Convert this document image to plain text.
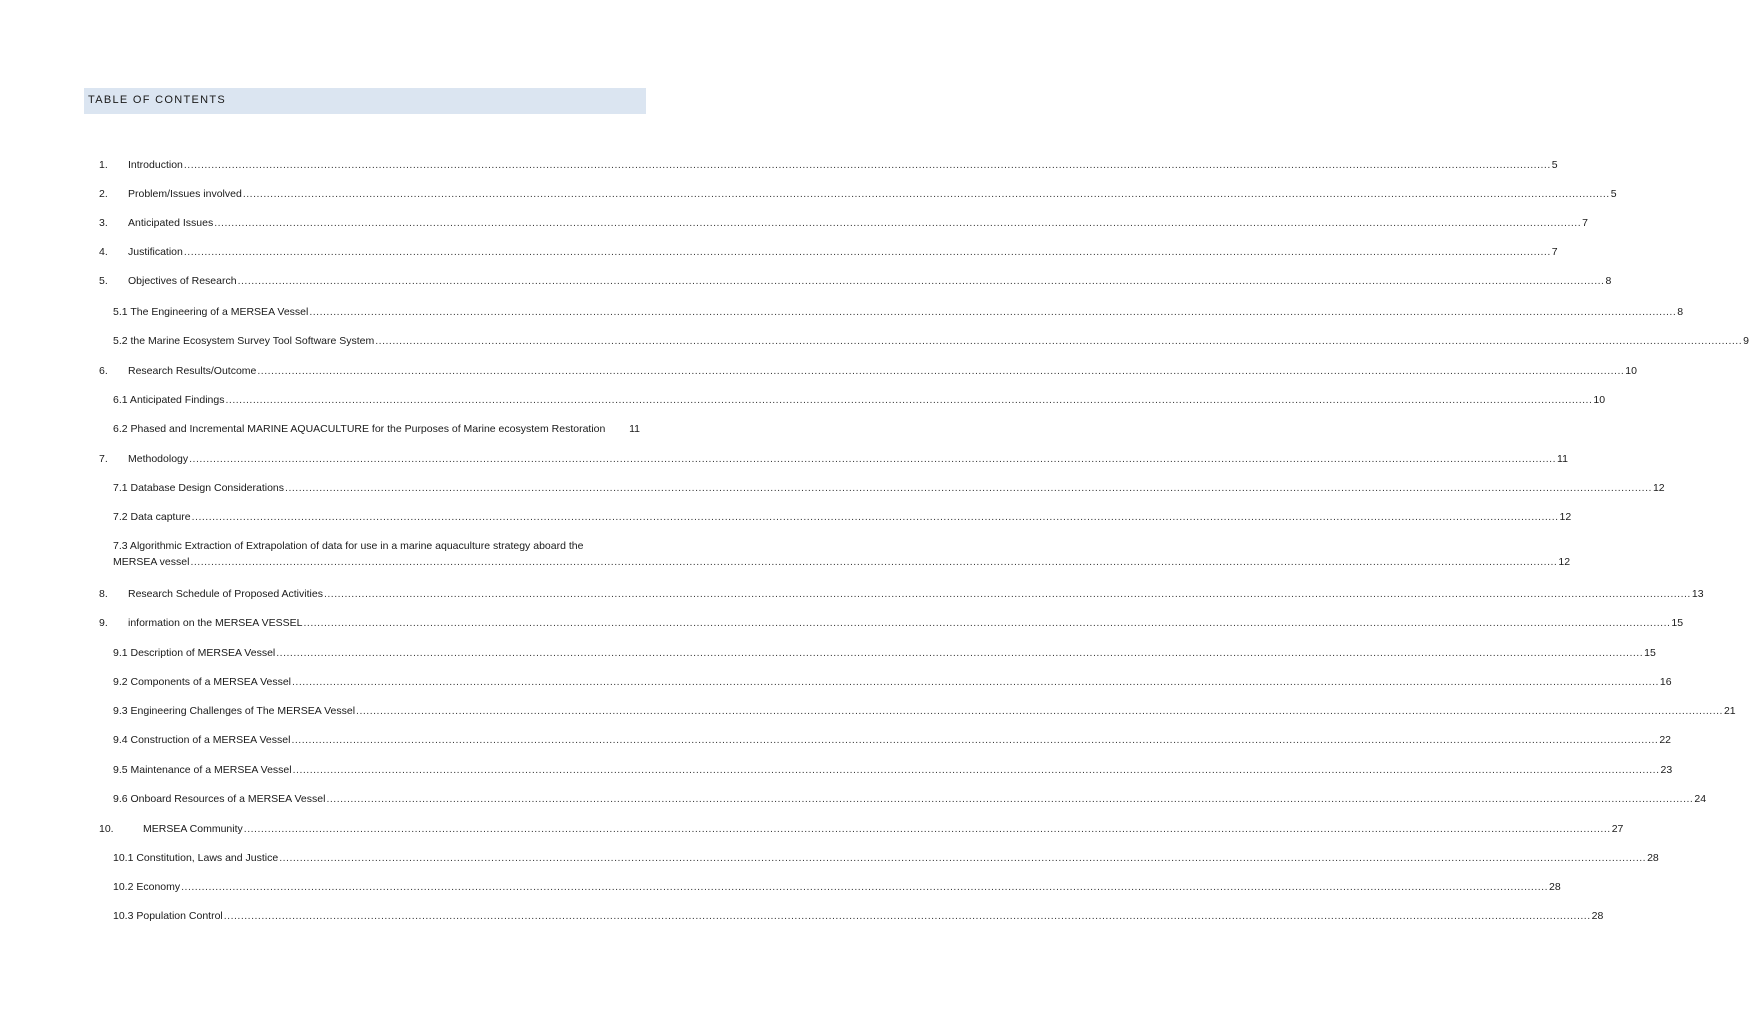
TABLE OF CONTENTS
1. Introduction ................................................................................................................................................................................................................................................................................................................................................................................................................ 5
2. Problem/Issues involved ................................................................................................................................................................................................................................................................................................................................................................................................................ 5
3. Anticipated Issues ................................................................................................................................................................................................................................................................................................................................................................................................................ 7
4. Justification ................................................................................................................................................................................................................................................................................................................................................................................................................ 7
5. Objectives of Research ................................................................................................................................................................................................................................................................................................................................................................................................................ 8
5.1 The Engineering of a MERSEA Vessel ................................................................................................................................................................................................................................................................................................................................................................................................................ 8
5.2 the Marine Ecosystem Survey Tool Software System ................................................................................................................................................................................................................................................................................................................................................................................................................ 9
6. Research Results/Outcome ................................................................................................................................................................................................................................................................................................................................................................................................................ 10
6.1 Anticipated Findings ................................................................................................................................................................................................................................................................................................................................................................................................................ 10
6.2 Phased and Incremental MARINE AQUACULTURE for the Purposes of Marine ecosystem Restoration 11
7. Methodology ................................................................................................................................................................................................................................................................................................................................................................................................................ 11
7.1 Database Design Considerations ................................................................................................................................................................................................................................................................................................................................................................................................................ 12
7.2 Data capture ................................................................................................................................................................................................................................................................................................................................................................................................................ 12
7.3 Algorithmic Extraction of Extrapolation of data for use in a marine aquaculture strategy aboard the
MERSEA vessel ................................................................................................................................................................................................................................................................................................................................................................................................................ 12
8. Research Schedule of Proposed Activities ................................................................................................................................................................................................................................................................................................................................................................................................................ 13
9. information on the MERSEA VESSEL ................................................................................................................................................................................................................................................................................................................................................................................................................ 15
9.1 Description of MERSEA Vessel ................................................................................................................................................................................................................................................................................................................................................................................................................ 15
9.2 Components of a MERSEA Vessel ................................................................................................................................................................................................................................................................................................................................................................................................................ 16
9.3 Engineering Challenges of The MERSEA Vessel ................................................................................................................................................................................................................................................................................................................................................................................................................ 21
9.4 Construction of a MERSEA Vessel ................................................................................................................................................................................................................................................................................................................................................................................................................ 22
9.5 Maintenance of a MERSEA Vessel ................................................................................................................................................................................................................................................................................................................................................................................................................ 23
9.6 Onboard Resources of a MERSEA Vessel ................................................................................................................................................................................................................................................................................................................................................................................................................ 24
10.	MERSEA Community ................................................................................................................................................................................................................................................................................................................................................................................................................ 27
10.1 Constitution, Laws and Justice ................................................................................................................................................................................................................................................................................................................................................................................................................ 28
10.2 Economy ................................................................................................................................................................................................................................................................................................................................................................................................................ 28
10.3 Population Control ................................................................................................................................................................................................................................................................................................................................................................................................................ 28
